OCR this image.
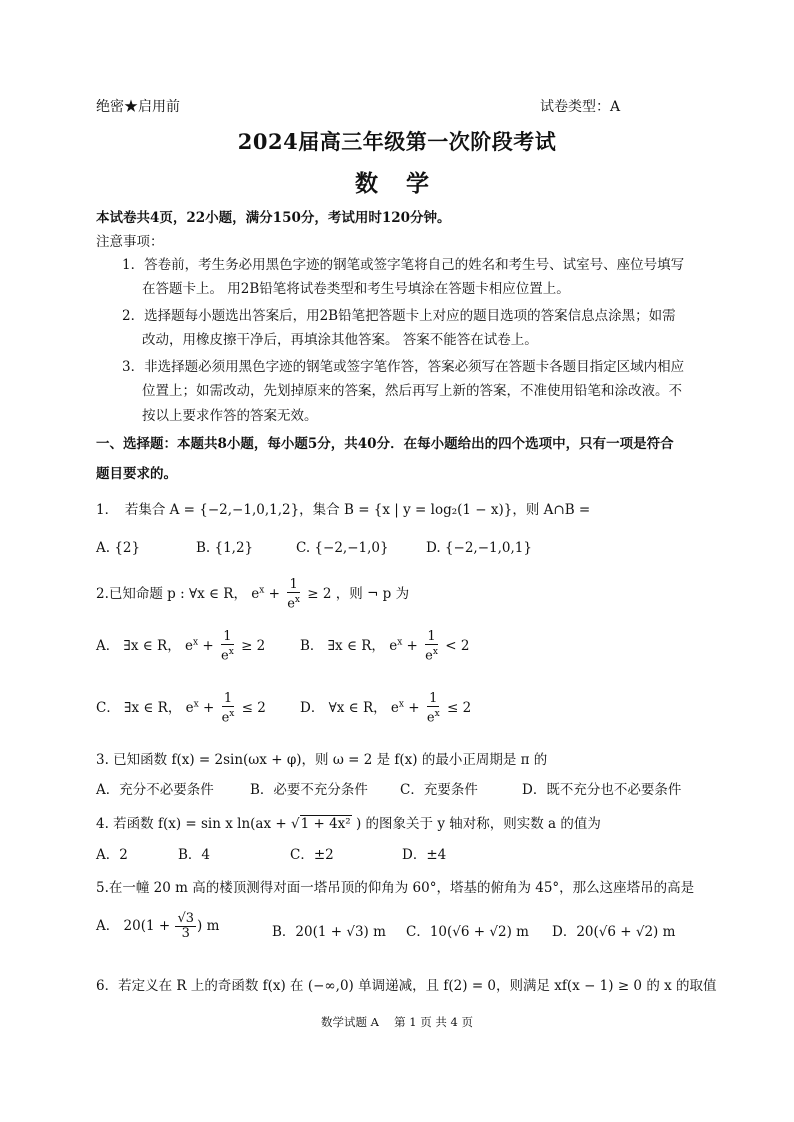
绝密★启用前	试卷类型：A
2024届高三年级第一次阶段考试
数 学
本试卷共4页，22小题，满分150分，考试用时120分钟。
注意事项：
1．答卷前，考生务必用黑色字迹的钢笔或签字笔将自己的姓名和考生号、试室号、座位号填写
在答题卡上。 用2B铅笔将试卷类型和考生号填涂在答题卡相应位置上。
2．选择题每小题选出答案后，用2B铅笔把答题卡上对应的题目选项的答案信息点涂黑；如需
改动，用橡皮擦干净后，再填涂其他答案。 答案不能答在试卷上。
3．非选择题必须用黑色字迹的钢笔或签字笔作答，答案必须写在答题卡各题目指定区域内相应
位置上；如需改动，先划掉原来的答案，然后再写上新的答案，不准使用铅笔和涂改液。不
按以上要求作答的答案无效。
一、选择题：本题共8小题，每小题5分，共40分．在每小题给出的四个选项中，只有一项是符合
题目要求的。
1．　若集合 A = {−2,−1,0,1,2}，集合 B = {x | y = log₂(1 − x)}，则 A∩B =
A. {2}	B. {1,2}	C. {−2,−1,0}	D. {−2,−1,0,1}
2.已知命题 p : ∀x ∈ R， $e^x + \frac{1}{e^x} \ge 2$ ，则 ¬ p 为
A． ∃x ∈ R， $e^x + \frac{1}{e^x} \ge 2$	B． ∃x ∈ R， $e^x + \frac{1}{e^x} < 2$
C． ∃x ∈ R， $e^x + \frac{1}{e^x} \le 2$	D． ∀x ∈ R， $e^x + \frac{1}{e^x} \le 2$
3. 已知函数 f(x) = 2sin(ωx + φ)，则 ω = 2 是 f(x) 的最小正周期是 π 的
A．充分不必要条件	B．必要不充分条件 C．充要条件	D．既不充分也不必要条件
4. 若函数 f(x) = sin x ln(ax + √1 + 4x² ) 的图象关于 y 轴对称，则实数 a 的值为
A．2	B．4	C．±2	D．±4
5.在一幢 20 m 高的楼顶测得对面一塔吊顶的仰角为 60°，塔基的俯角为 45°，那么这座塔吊的高是
A． $20(1 + \frac{√3}{3}$ ) m	B．20(1 + √3) m C．10(√6 + √2) m D．20(√6 + √2) m
6．若定义在 R 上的奇函数 f(x) 在 (−∞,0) 单调递减，且 f(2) = 0，则满足 xf(x − 1) ≥ 0 的 x 的取值
数学试题 A　 第 1 页 共 4 页
